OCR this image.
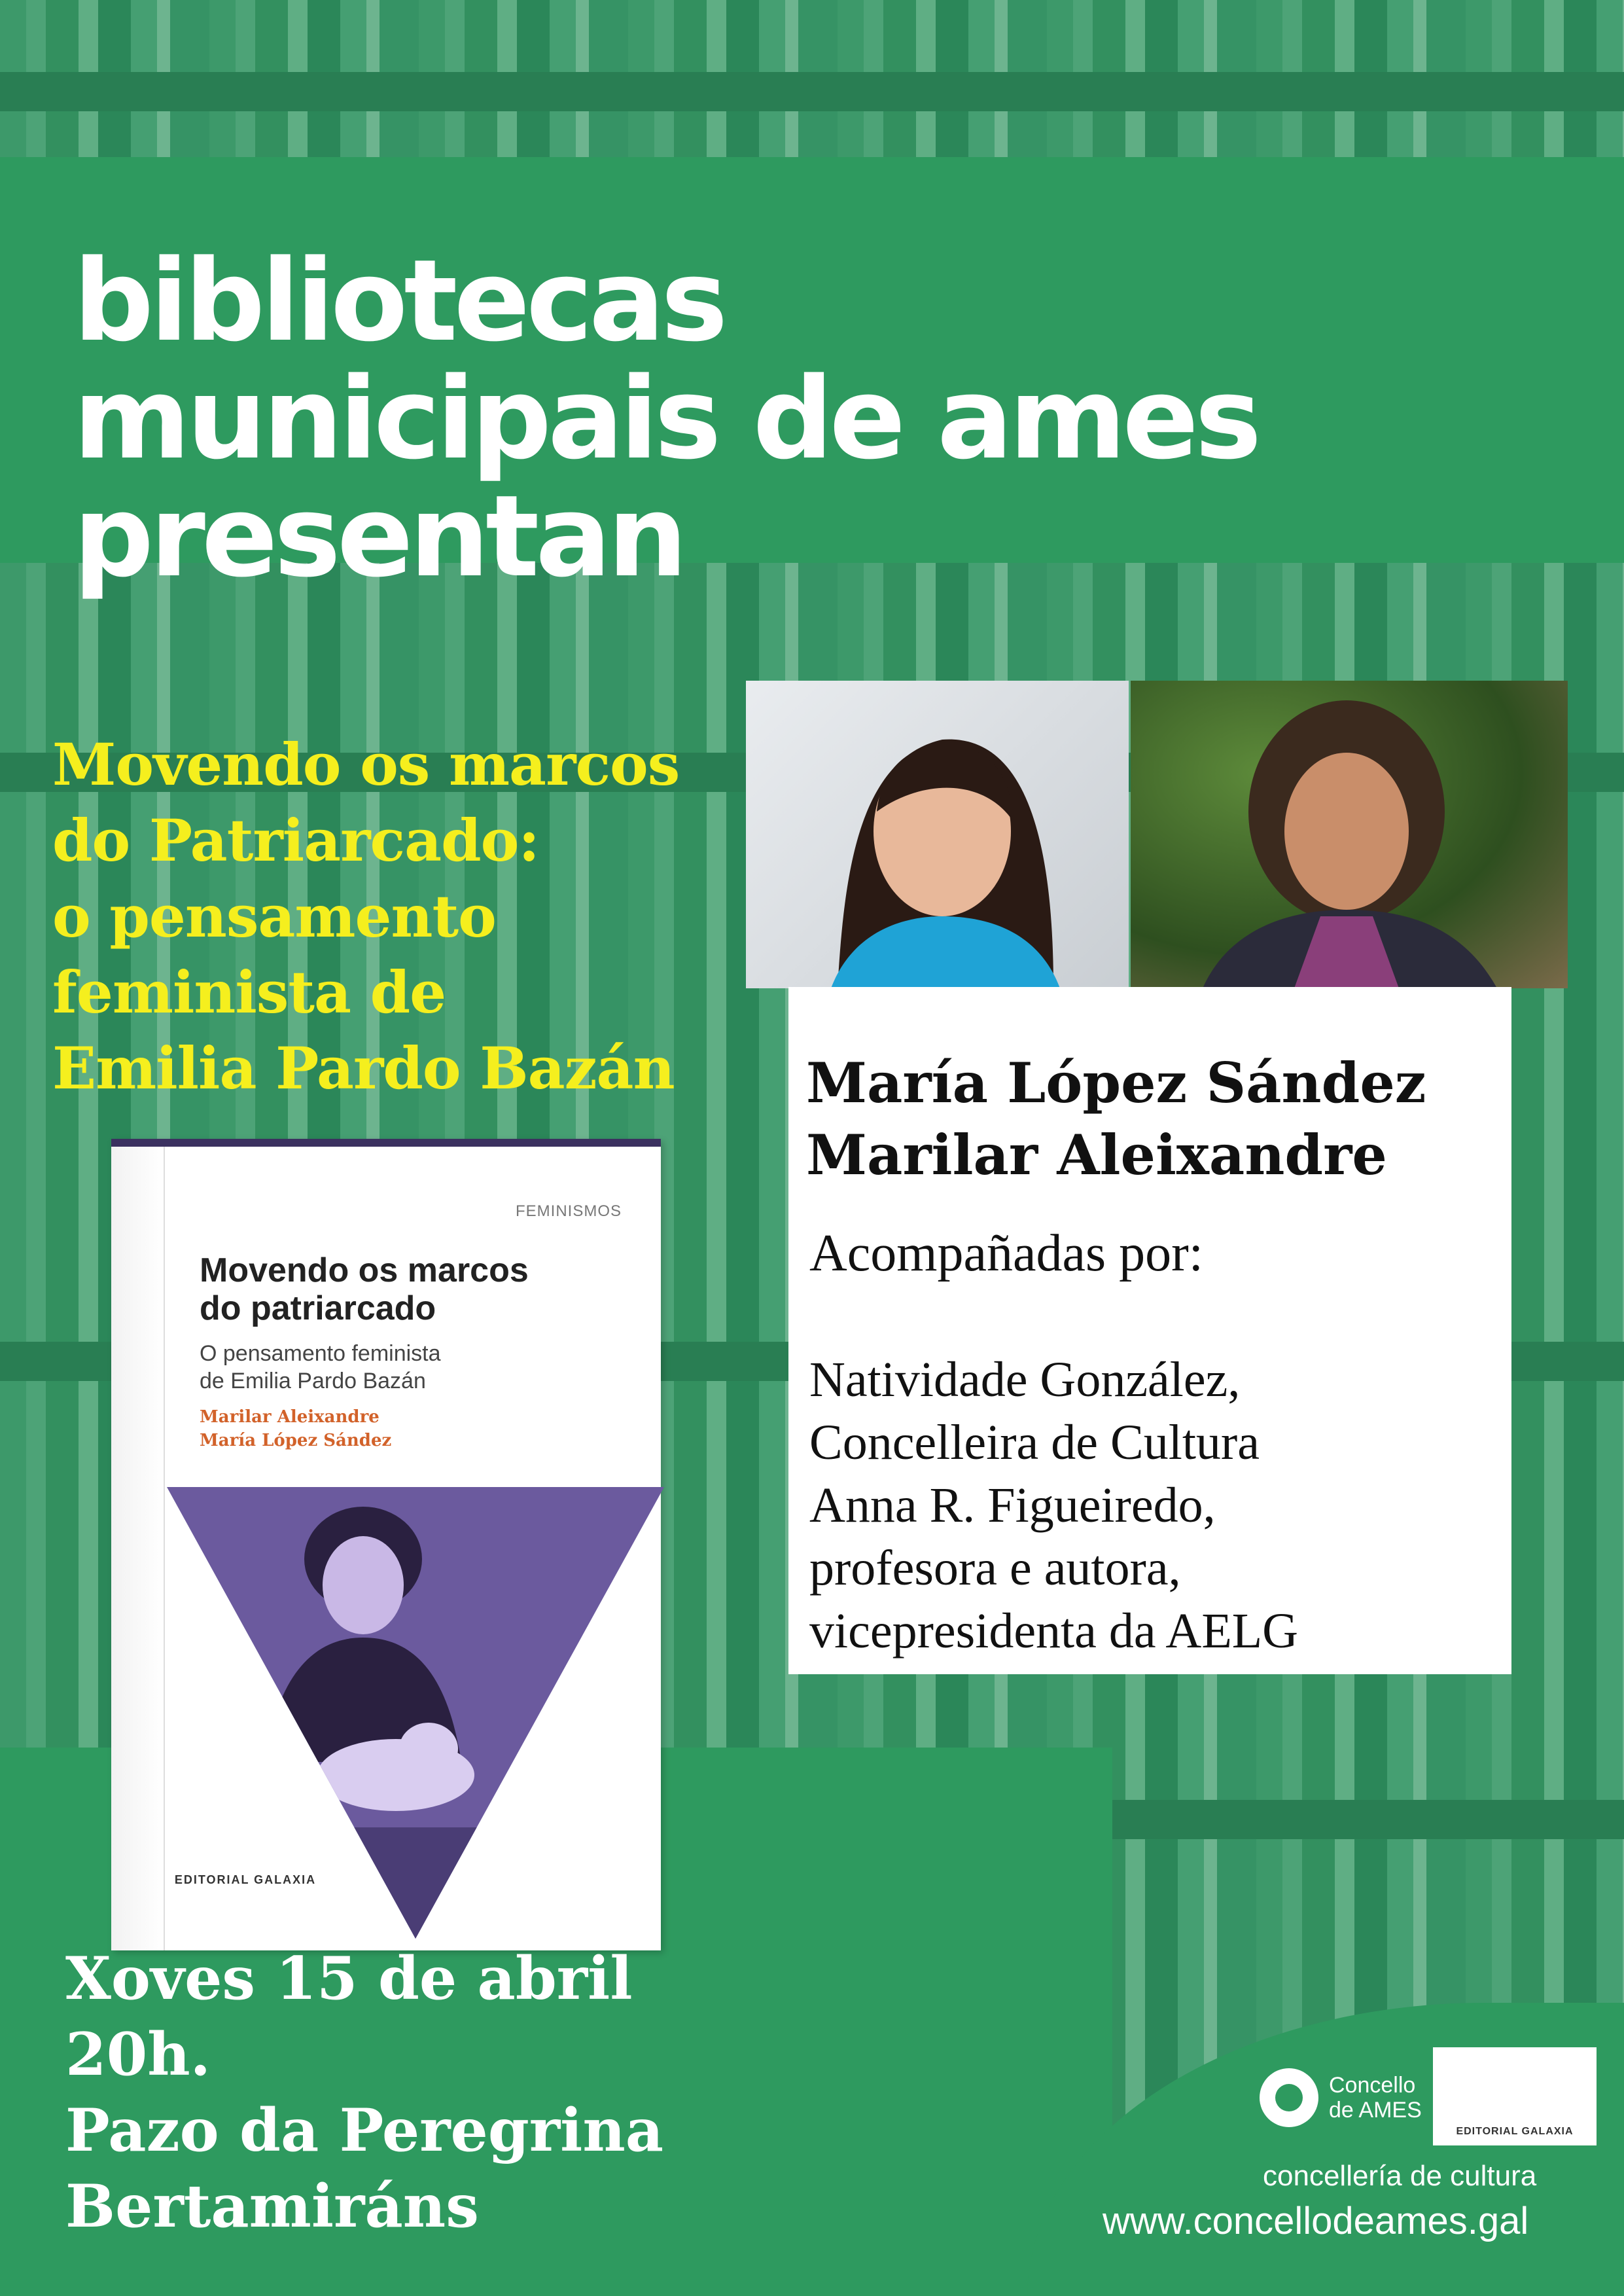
bibliotecas
municipais de ames
presentan
Movendo os marcos
do Patriarcado:
o pensamento
feminista de
Emilia Pardo Bazán María López Sández
Marilar Aleixandre
Acompañadas por:
Natividade González,
Concelleira de Cultura
Anna R. Figueiredo,
profesora e autora,
vicepresidenta da AELG
FEMINISMOS
Movendo os marcos
do patriarcado
O pensamento feminista
de Emilia Pardo Bazán
Marilar Aleixandre
María López Sández
EDITORIAL GALAXIA
Xoves 15 de abril
20h.
Pazo da Peregrina
Bertamiráns
Concello
de AMES
EDITORIAL GALAXIA
concellería de cultura
www.concellodeames.gal
